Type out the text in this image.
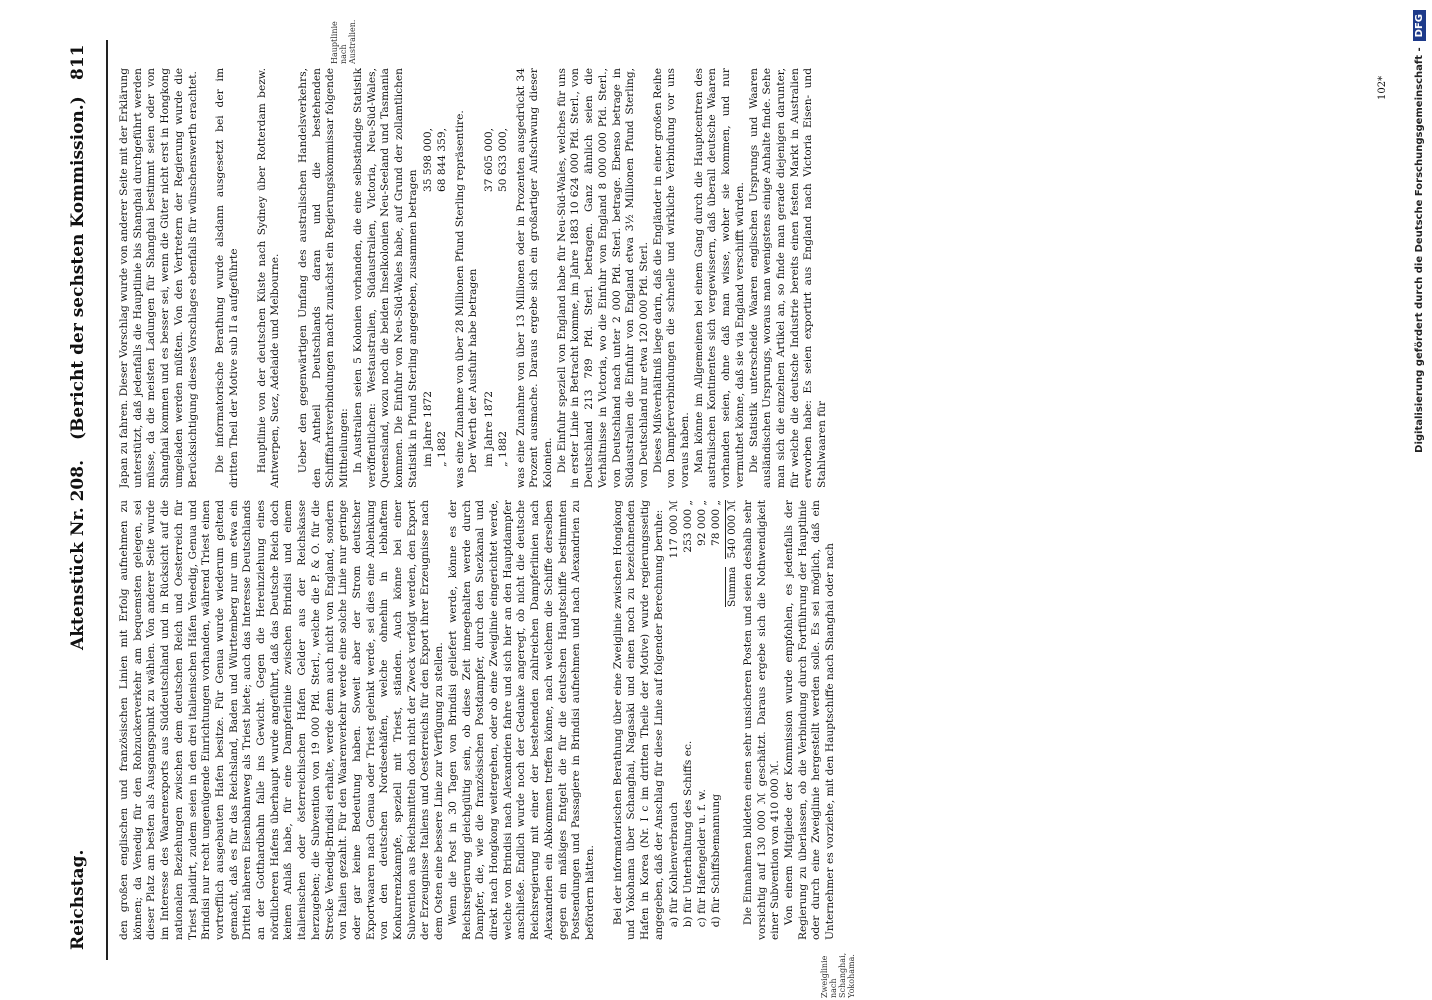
Reichstag.
Aktenstück Nr. 208.
(Bericht der sechsten Kommission.)
811
Zweiglinie nach Schanghai, Yokohama.

den großen englischen und französischen Linien mit Erfolg aufnehmen zu können; da Venedig für den Rohzuckerverkehr am bequemsten gelegen, sei dieser Platz am besten als Ausgangspunkt zu wählen. Von anderer Seite wurde im Interesse des Waarenexports aus Süddeutschland und in Rücksicht auf die nationalen Beziehungen zwischen dem deutschen Reich und Oesterreich für Triest plaidirt, zudem seien in den drei italienischen Häfen Venedig, Genua und Brindisi nur recht ungenügende Einrichtungen vorhanden, während Triest einen vortrefflich ausgebauten Hafen besitze. Für Genua wurde wiederum geltend gemacht, daß es für das Reichsland, Baden und Württemberg nur um etwa ein Drittel näheren Eisenbahnweg als Triest biete; auch das Interesse Deutschlands an der Gotthardbahn falle ins Gewicht. Gegen die Hereinziehung eines nördlicheren Hafens überhaupt wurde angeführt, daß das Deutsche Reich doch keinen Anlaß habe, für eine Dampferlinie zwischen Brindisi und einem italienischen oder österreichischen Hafen Gelder aus der Reichskasse herzugeben; die Subvention von 19 000 Pfd. Sterl., welche die P. & O. für die Strecke Venedig-Brindisi erhalte, werde denn auch nicht von England, sondern von Italien gezahlt. Für den Waarenverkehr werde eine solche Linie nur geringe oder gar keine Bedeutung haben. Soweit aber der Strom deutscher Exportwaaren nach Genua oder Triest gelenkt werde, sei dies eine Ablenkung von den deutschen Nordseehäfen, welche ohnehin in lebhaftem Konkurrenzkampfe, speziell mit Triest, ständen. Auch könne bei einer Subvention aus Reichsmitteln doch nicht der Zweck verfolgt werden, den Export der Erzeugnisse Italiens und Oesterreichs für den Export ihrer Erzeugnisse nach dem Osten eine bessere Linie zur Verfügung zu stellen. Wenn die Post in 30 Tagen von Brindisi geliefert werde, könne es der Reichsregierung gleichgültig sein, ob diese Zeit innegehalten werde durch Dampfer, die, wie die französischen Postdampfer, durch den Suezkanal und direkt nach Hongkong weitergehen, oder ob eine Zweiglinie eingerichtet werde, welche von Brindisi nach Alexandrien fahre und sich hier an den Hauptdampfer anschließe. Endlich wurde noch der Gedanke angeregt, ob nicht die deutsche Reichsregierung mit einer der bestehenden zahlreichen Dampferlinien nach Alexandrien ein Abkommen treffen könne, nach welchem die Schiffe derselben gegen ein mäßiges Entgelt die für die deutschen Hauptschiffe bestimmten Postsendungen und Passagiere in Brindisi aufnehmen und nach Alexandrien zu befördern hätten. Bei der informatorischen Berathung über eine Zweiglinie zwischen Hongkong und Yokohama über Schanghai, Nagasaki und einen noch zu bezeichnenden Hafen in Korea (Nr. I c im dritten Theile der Motive) wurde regierungsseitig angegeben, daß der Anschlag für diese Linie auf folgender Berechnung beruhe: a) für Kohlenverbrauch
117 000 ℳ
b) für Unterhaltung des Schiffs ec.
253 000 „
c) für Hafengelder u. f. w.
92 000 „
d) für Schiffsbemannung
78 000 „
Summa
540 000 ℳ Die Einnahmen bildeten einen sehr unsicheren Posten und seien deshalb sehr vorsichtig auf 130 000 ℳ geschätzt. Daraus ergebe sich die Nothwendigkeit einer Subvention von 410 000 ℳ. Von einem Mitgliede der Kommission wurde empfohlen, es jedenfalls der Regierung zu überlassen, ob die Verbindung durch Fortführung der Hauptlinie oder durch eine Zweiglinie hergestellt werden solle. Es sei möglich, daß ein Unternehmer es vorziehe, mit den Hauptschiffe nach Shanghai oder nach

Hauptlinie nach Australien.

Japan zu fahren. Dieser Vorschlag wurde von anderer Seite mit der Erklärung unterstützt, daß jedenfalls die Hauptlinie bis Shanghai durchgeführt werden müsse, da die meisten Ladungen für Shanghai bestimmt seien oder von Shanghai kommen und es besser sei, wenn die Güter nicht erst in Hongkong umgeladen werden müßten. Von den Vertretern der Regierung wurde die Berücksichtigung dieses Vorschlages ebenfalls für wünschenswerth erachtet. Die informatorische Berathung wurde alsdann ausgesetzt bei der im dritten Theil der Motive sub II a aufgeführte Hauptlinie von der deutschen Küste nach Sydney über Rotterdam bezw. Antwerpen, Suez, Adelaide und Melbourne. Ueber den gegenwärtigen Umfang des australischen Handelsverkehrs, den Antheil Deutschlands daran und die bestehenden Schifffahrtsverbindungen macht zunächst ein Regierungskommissar folgende Mittheilungen: In Australien seien 5 Kolonien vorhanden, die eine selbständige Statistik veröffentlichen: Westaustralien, Südaustralien, Victoria, Neu-Süd-Wales, Queensland, wozu noch die beiden Inselkolonien Neu-Seeland und Tasmania kommen. Die Einfuhr von Neu-Süd-Wales habe, auf Grund der zollamtlichen Statistik in Pfund Sterling angegeben, zusammen betragen im Jahre 1872
35 598 000,
„ 1882
68 844 359, was eine Zunahme von über 28 Millionen Pfund Sterling repräsentire. Der Werth der Ausfuhr habe betragen im Jahre 1872
37 605 000,
„ 1882
50 633 000, was eine Zunahme von über 13 Millionen oder in Prozenten ausgedrückt 34 Prozent ausmache. Daraus ergebe sich ein großartiger Aufschwung dieser Kolonien. Die Einfuhr speziell von England habe für Neu-Süd-Wales, welches für uns in erster Linie in Betracht komme, im Jahre 1883 10 624 000 Pfd. Sterl., von Deutschland 213 789 Pfd. Sterl. betragen. Ganz ähnlich seien die Verhältnisse in Victoria, wo die Einfuhr von England 8 000 000 Pfd. Sterl., von Deutschland nach unter 2 000 Pfd. Sterl. betrage. Ebenso betrage in Südaustralien die Einfuhr von England etwa 3½ Millionen Pfund Sterling, von Deutschland nur etwa 120 000 Pfd. Sterl. Dieses Mißverhältniß liege darin, daß die Engländer in einer großen Reihe von Dampferverbindungen die schnelle und wirkliche Verbindung vor uns voraus haben. Man könne im Allgemeinen bei einem Gang durch die Hauptcentren des australischen Kontinentes sich vergewissern, daß überall deutsche Waaren vorhanden seien, ohne daß man wisse, woher sie kommen, und nur vermuthet könne, daß sie via England verschifft würden. Die Statistik unterscheide Waaren englischen Ursprungs und Waaren ausländischen Ursprungs, woraus man wenigstens einige Anhalte finde. Sehe man sich die einzelnen Artikel an, so finde man gerade diejenigen darunter, für welche die deutsche Industrie bereits einen festen Markt in Australien erworben habe: Es seien exportirt aus England nach Victoria Eisen- und Stahlwaaren für

102*	Digitalisierung gefördert durch die Deutsche Forschungsgemeinschaft -
DFG
